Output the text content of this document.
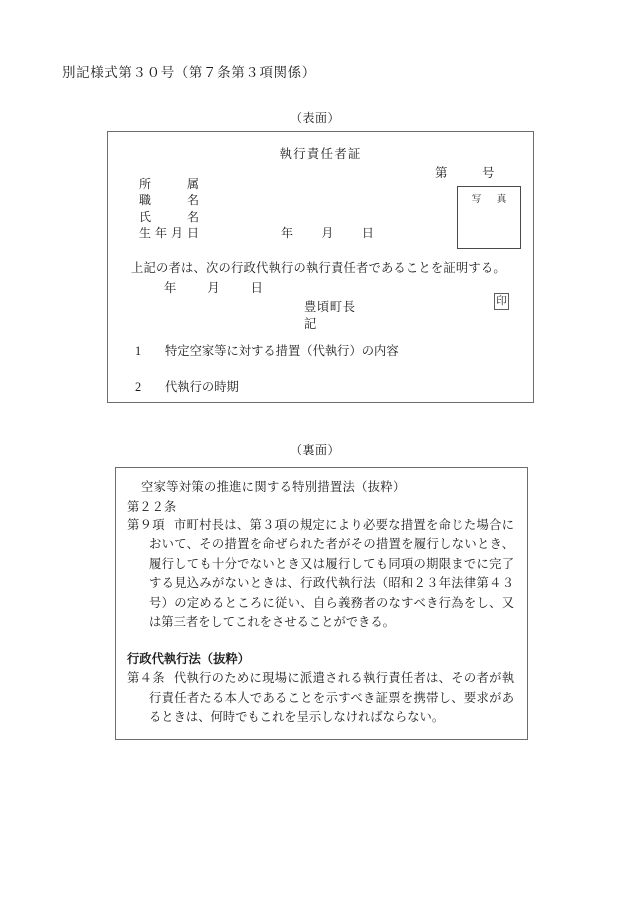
別記様式第３０号（第７条第３項関係）
（表面）
執行責任者証
第	号
写　真
所属
職名
氏名
生年月日	年 月 日
上記の者は、次の行政代執行の執行責任者であることを証明する。
年	月	日
豊頃町長	印
記
1 特定空家等に対する措置（代執行）の内容
2 代執行の時期
（裏面）
空家等対策の推進に関する特別措置法（抜粋）
第２２条
第９項 市町村長は、第３項の規定により必要な措置を命じた場合において、その措置を命ぜられた者がその措置を履行しないとき、履行しても十分でないとき又は履行しても同項の期限までに完了する見込みがないときは、行政代執行法（昭和２３年法律第４３号）の定めるところに従い、自ら義務者のなすべき行為をし、又は第三者をしてこれをさせることができる。
行政代執行法（抜粋）
第４条 代執行のために現場に派遣される執行責任者は、その者が執行責任者たる本人であることを示すべき証票を携帯し、要求があるときは、何時でもこれを呈示しなければならない。
